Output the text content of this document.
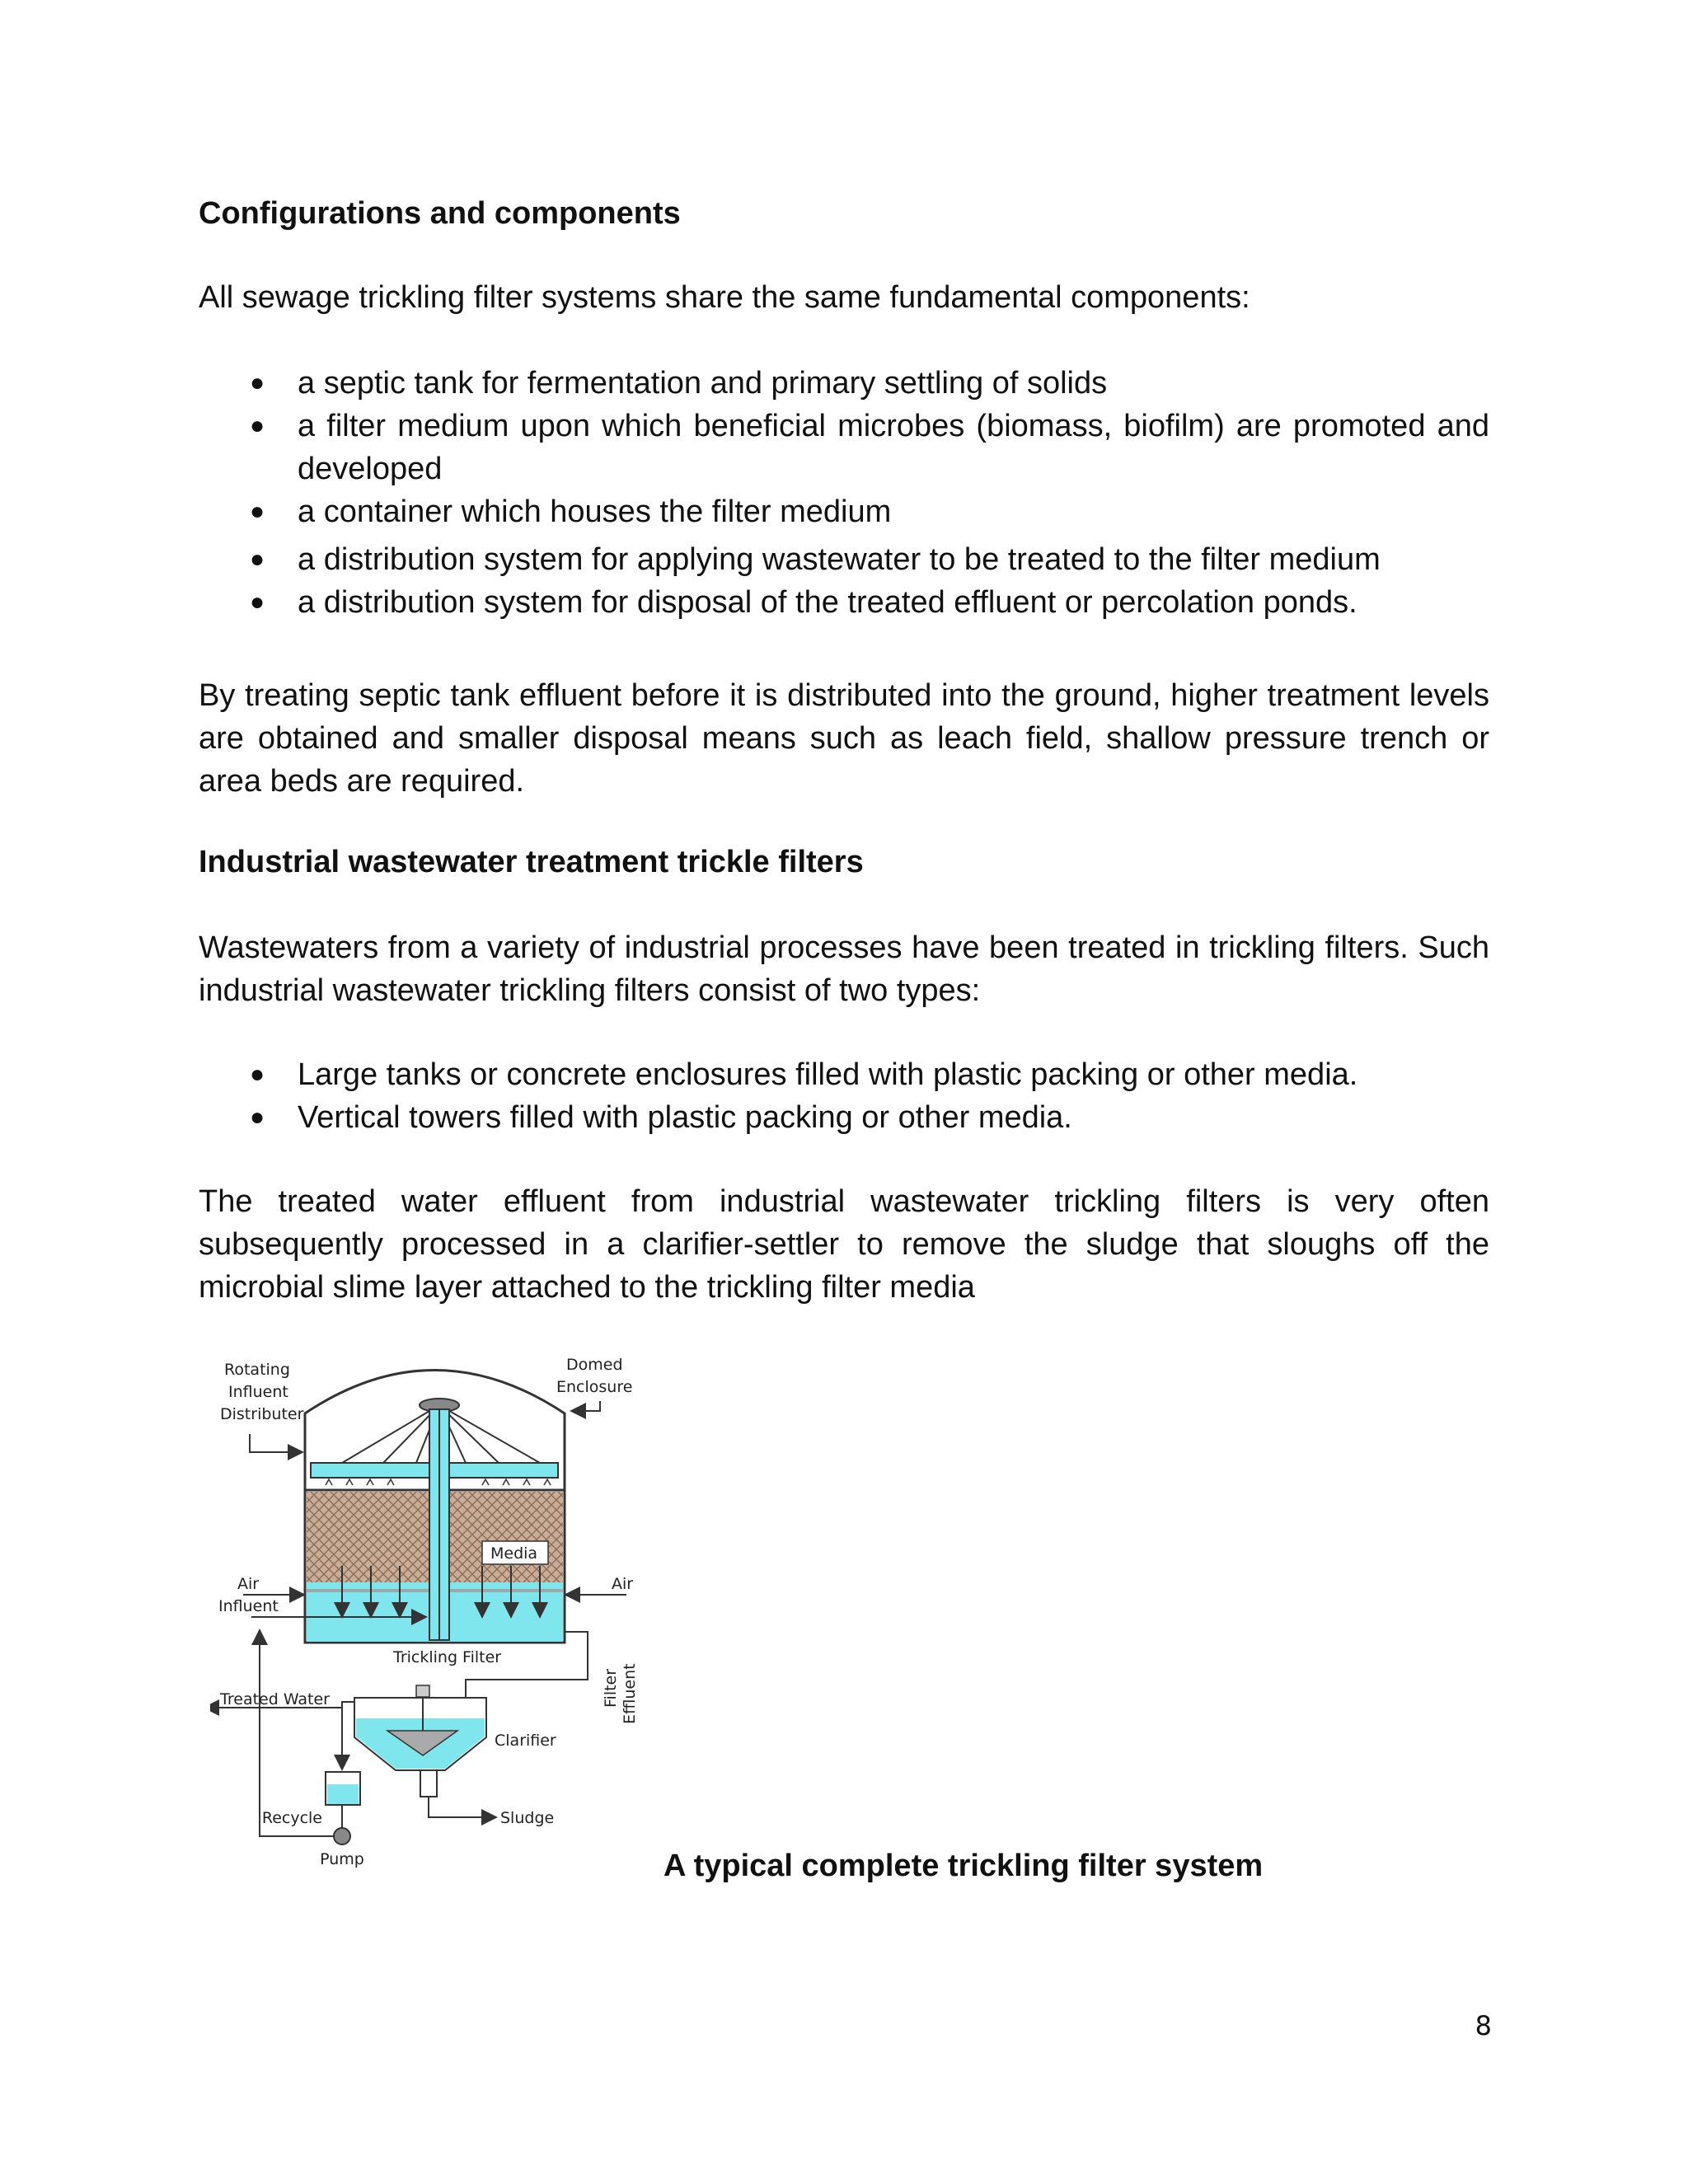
Configurations and components
All sewage trickling filter systems share the same fundamental components:
● a septic tank for fermentation and primary settling of solids
● a filter medium upon which beneficial microbes (biomass, biofilm) are promoted and developed
● a container which houses the filter medium
● a distribution system for applying wastewater to be treated to the filter medium
● a distribution system for disposal of the treated effluent or percolation ponds.
By treating septic tank effluent before it is distributed into the ground, higher treatment levels are obtained and smaller disposal means such as leach field, shallow pressure trench or area beds are required.
Industrial wastewater treatment trickle filters
Wastewaters from a variety of industrial processes have been treated in trickling filters. Such industrial wastewater trickling filters consist of two types:
● Large tanks or concrete enclosures filled with plastic packing or other media.
● Vertical towers filled with plastic packing or other media.
The treated water effluent from industrial wastewater trickling filters is very often subsequently processed in a clarifier-settler to remove the sludge that sloughs off the microbial slime layer attached to the trickling filter media
Media
Rotating
Influent
Distributer
Domed
Enclosure
Air
Influent
Air
Trickling Filter
Filter Effluent
Treated Water
Clarifier
Recycle	Sludge
Pump	A typical complete trickling filter system
8
